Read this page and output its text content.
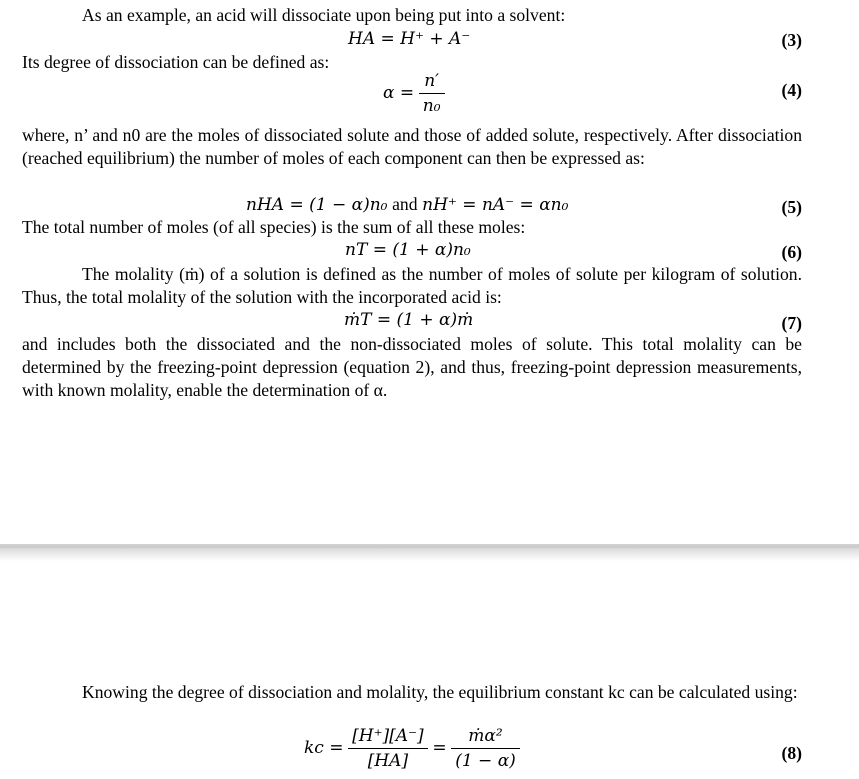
As an example, an acid will dissociate upon being put into a solvent:
HA = H⁺ + A⁻	(3)
Its degree of dissociation can be defined as:
$\alpha = \frac{n'}{\text{n₀}}$	(4)
where, n’ and n0 are the moles of dissociated solute and those of added solute, respectively. After dissociation (reached equilibrium) the number of moles of each component can then be expressed as:
nHA = (1 − α)n₀ and nH⁺ = nA⁻ = αn₀	(5)
The total number of moles (of all species) is the sum of all these moles:
nT = (1 + α)n₀	(6)
The molality (ṁ) of a solution is defined as the number of moles of solute per kilogram of solution. Thus, the total molality of the solution with the incorporated acid is:
ṁT = (1 + α)ṁ	(7)
and includes both the dissociated and the non-dissociated moles of solute. This total molality can be determined by the freezing-point depression (equation 2), and thus, freezing-point depression measurements, with known molality, enable the determination of α.
Knowing the degree of dissociation and molality, the equilibrium constant kc can be calculated using:
kc = $\frac{[H^+][A^-]}{[HA]} = \frac{\text{ṁα²}}{(1 - \alpha)}$	(8)
